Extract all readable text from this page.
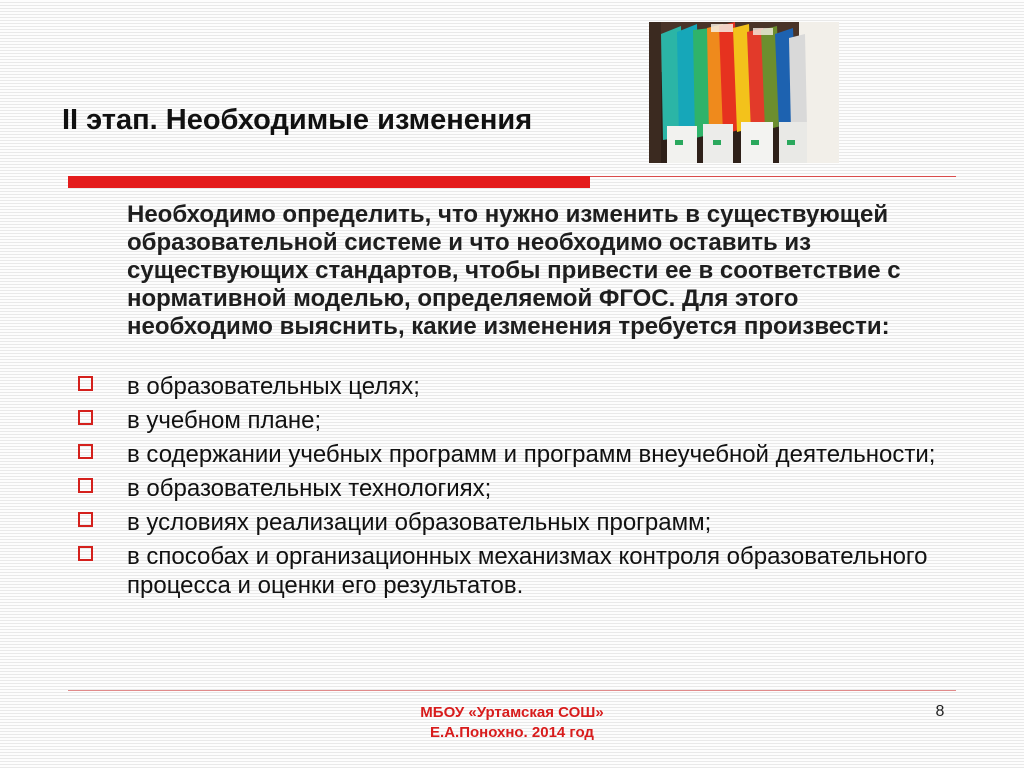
II этап. Необходимые изменения

Необходимо определить, что нужно изменить в существующей образовательной системе и что необходимо оставить из существующих стандартов, чтобы привести ее в соответствие с нормативной моделью, определяемой ФГОС. Для этого необходимо выяснить, какие изменения требуется произвести:

в образовательных целях;
в учебном плане;
в содержании учебных программ и программ внеучебной деятельности;
в образовательных технологиях;
в условиях реализации образовательных программ;
в способах и организационных механизмах контроля образовательного процесса и оценки его результатов.
МБОУ «Уртамская СОШ»
Е.А.Понохно. 2014 год
8
